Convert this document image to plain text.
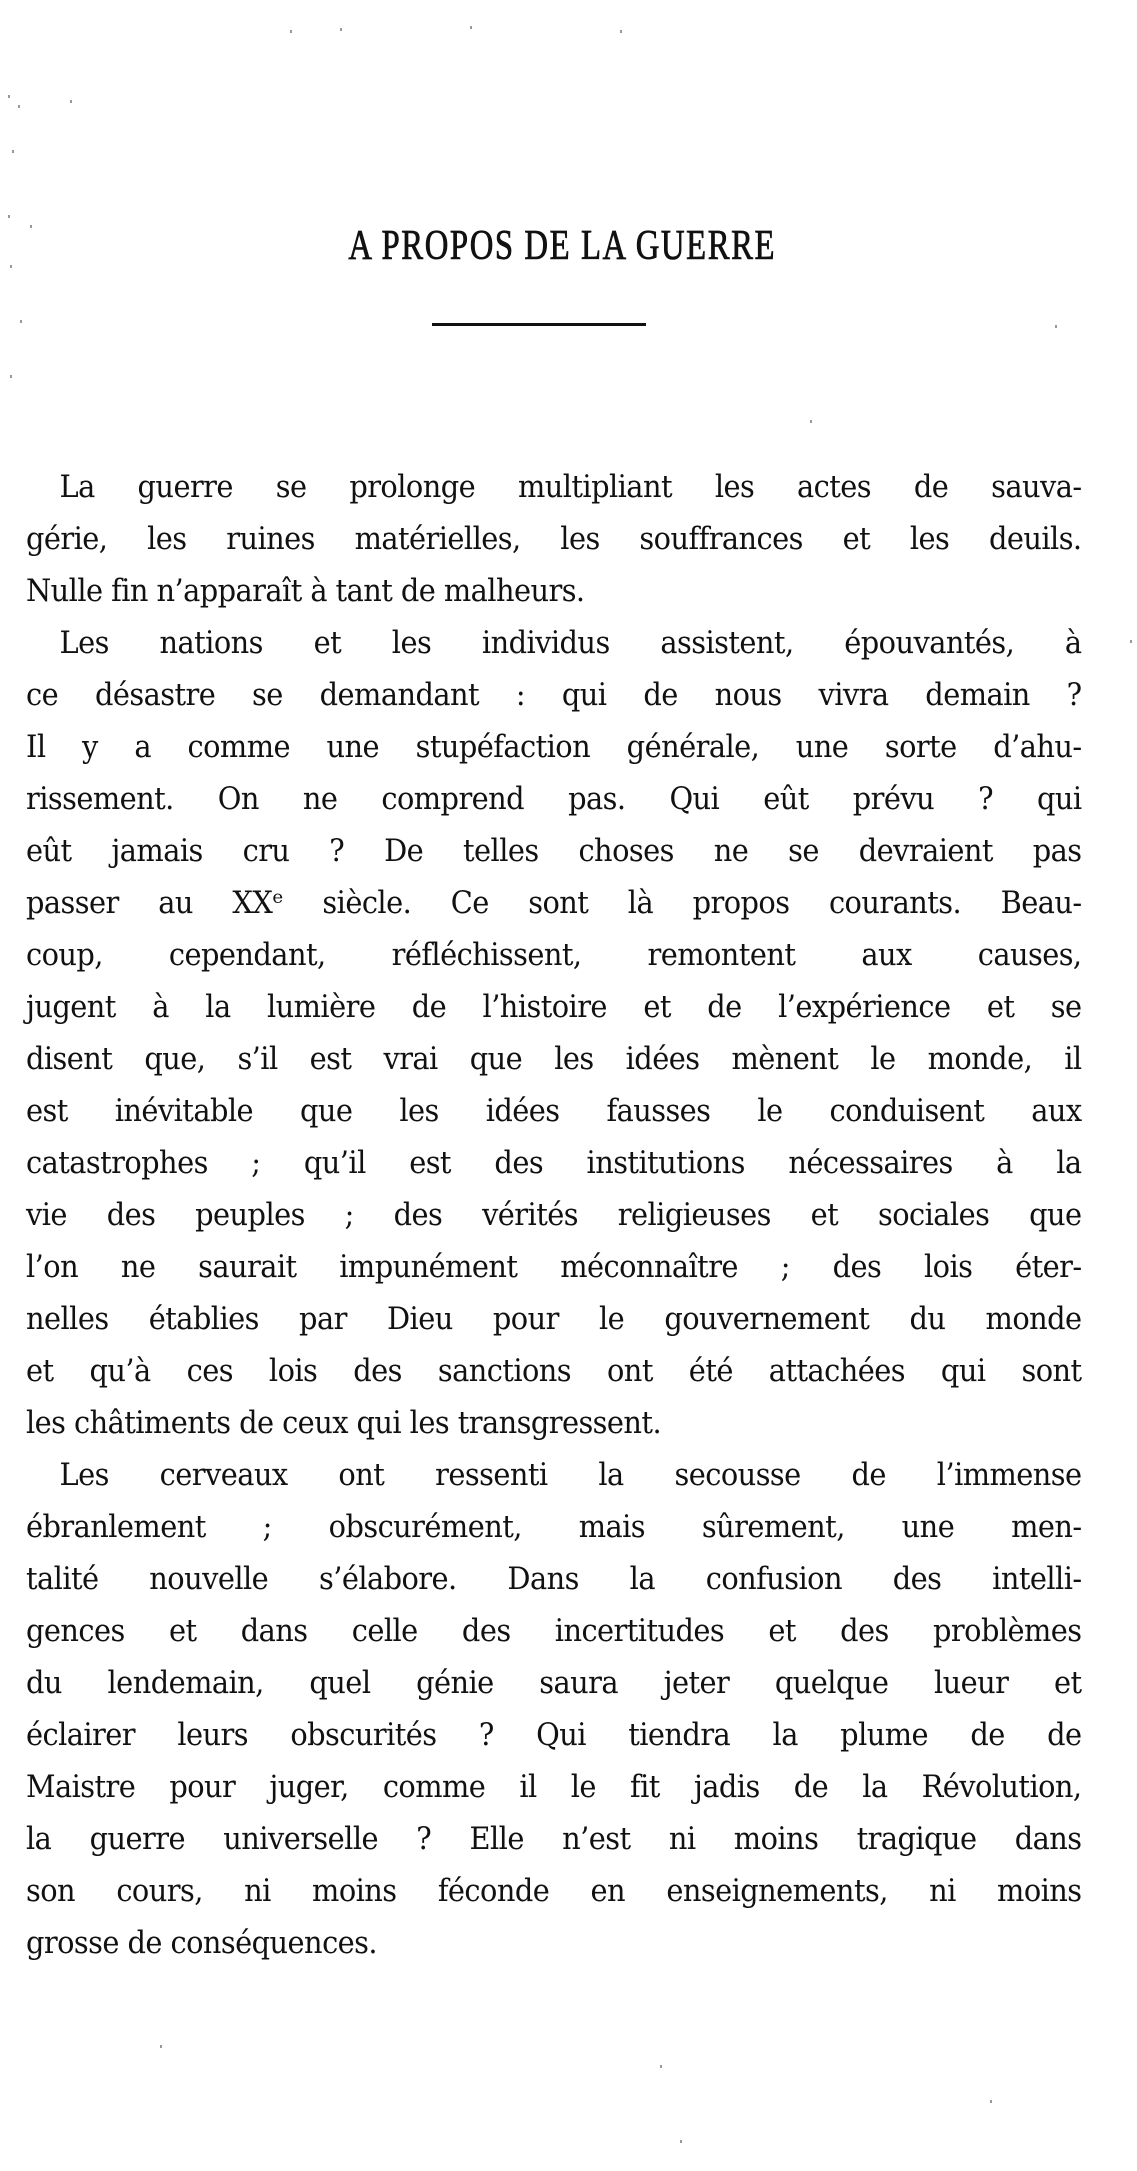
A PROPOS DE LA GUERRE
La guerre se prolonge multipliant les actes de sauva-
gérie, les ruines matérielles, les souffrances et les deuils.
Nulle fin n’apparaît à tant de malheurs.
Les nations et les individus assistent, épouvantés, à
ce désastre se demandant : qui de nous vivra demain ?
Il y a comme une stupéfaction générale, une sorte d’ahu-
rissement. On ne comprend pas. Qui eût prévu ? qui
eût jamais cru ? De telles choses ne se devraient pas
passer au XXᵉ siècle. Ce sont là propos courants. Beau-
coup, cependant, réfléchissent, remontent aux causes,
jugent à la lumière de l’histoire et de l’expérience et se
disent que, s’il est vrai que les idées mènent le monde, il
est inévitable que les idées fausses le conduisent aux
catastrophes ; qu’il est des institutions nécessaires à la
vie des peuples ; des vérités religieuses et sociales que
l’on ne saurait impunément méconnaître ; des lois éter-
nelles établies par Dieu pour le gouvernement du monde
et qu’à ces lois des sanctions ont été attachées qui sont
les châtiments de ceux qui les transgressent.
Les cerveaux ont ressenti la secousse de l’immense
ébranlement ; obscurément, mais sûrement, une men-
talité nouvelle s’élabore. Dans la confusion des intelli-
gences et dans celle des incertitudes et des problèmes
du lendemain, quel génie saura jeter quelque lueur et
éclairer leurs obscurités ? Qui tiendra la plume de de
Maistre pour juger, comme il le fit jadis de la Révolution,
la guerre universelle ? Elle n’est ni moins tragique dans
son cours, ni moins féconde en enseignements, ni moins
grosse de conséquences.
